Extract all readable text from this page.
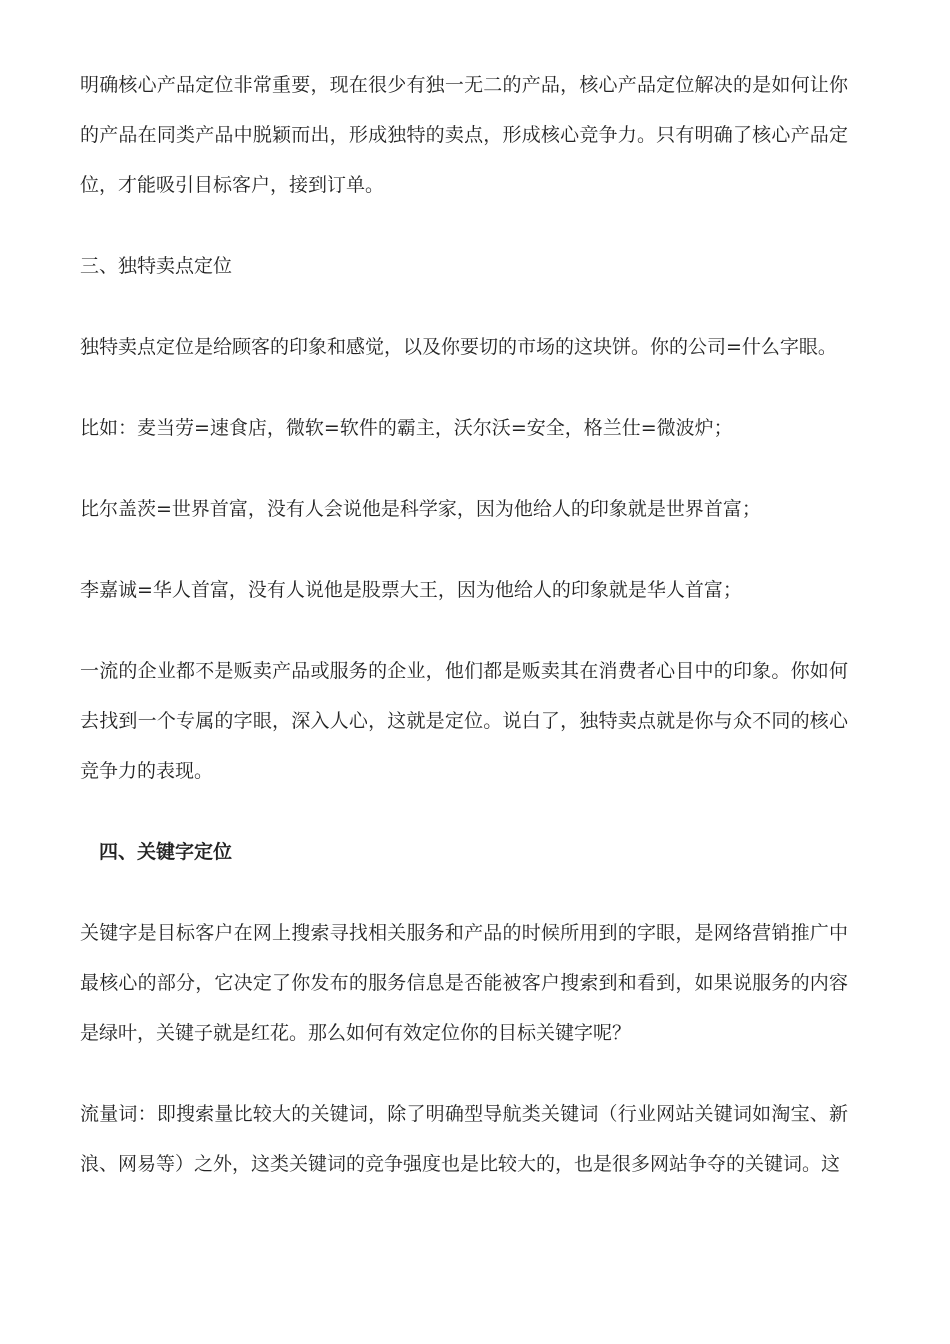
明确核心产品定位非常重要，现在很少有独一无二的产品，核心产品定位解决的是如何让你的产品在同类产品中脱颖而出，形成独特的卖点，形成核心竞争力。只有明确了核心产品定位，才能吸引目标客户，接到订单。

三、独特卖点定位

独特卖点定位是给顾客的印象和感觉，以及你要切的市场的这块饼。你的公司=什么字眼。

比如：麦当劳=速食店，微软=软件的霸主，沃尔沃=安全，格兰仕=微波炉；

比尔盖茨=世界首富，没有人会说他是科学家，因为他给人的印象就是世界首富；

李嘉诚=华人首富，没有人说他是股票大王，因为他给人的印象就是华人首富；

一流的企业都不是贩卖产品或服务的企业，他们都是贩卖其在消费者心目中的印象。你如何去找到一个专属的字眼，深入人心，这就是定位。说白了，独特卖点就是你与众不同的核心竞争力的表现。

四、关键字定位

关键字是目标客户在网上搜索寻找相关服务和产品的时候所用到的字眼，是网络营销推广中最核心的部分，它决定了你发布的服务信息是否能被客户搜索到和看到，如果说服务的内容是绿叶，关键子就是红花。那么如何有效定位你的目标关键字呢？

流量词：即搜索量比较大的关键词，除了明确型导航类关键词（行业网站关键词如淘宝、新浪、网易等）之外，这类关键词的竞争强度也是比较大的，也是很多网站争夺的关键词。这
